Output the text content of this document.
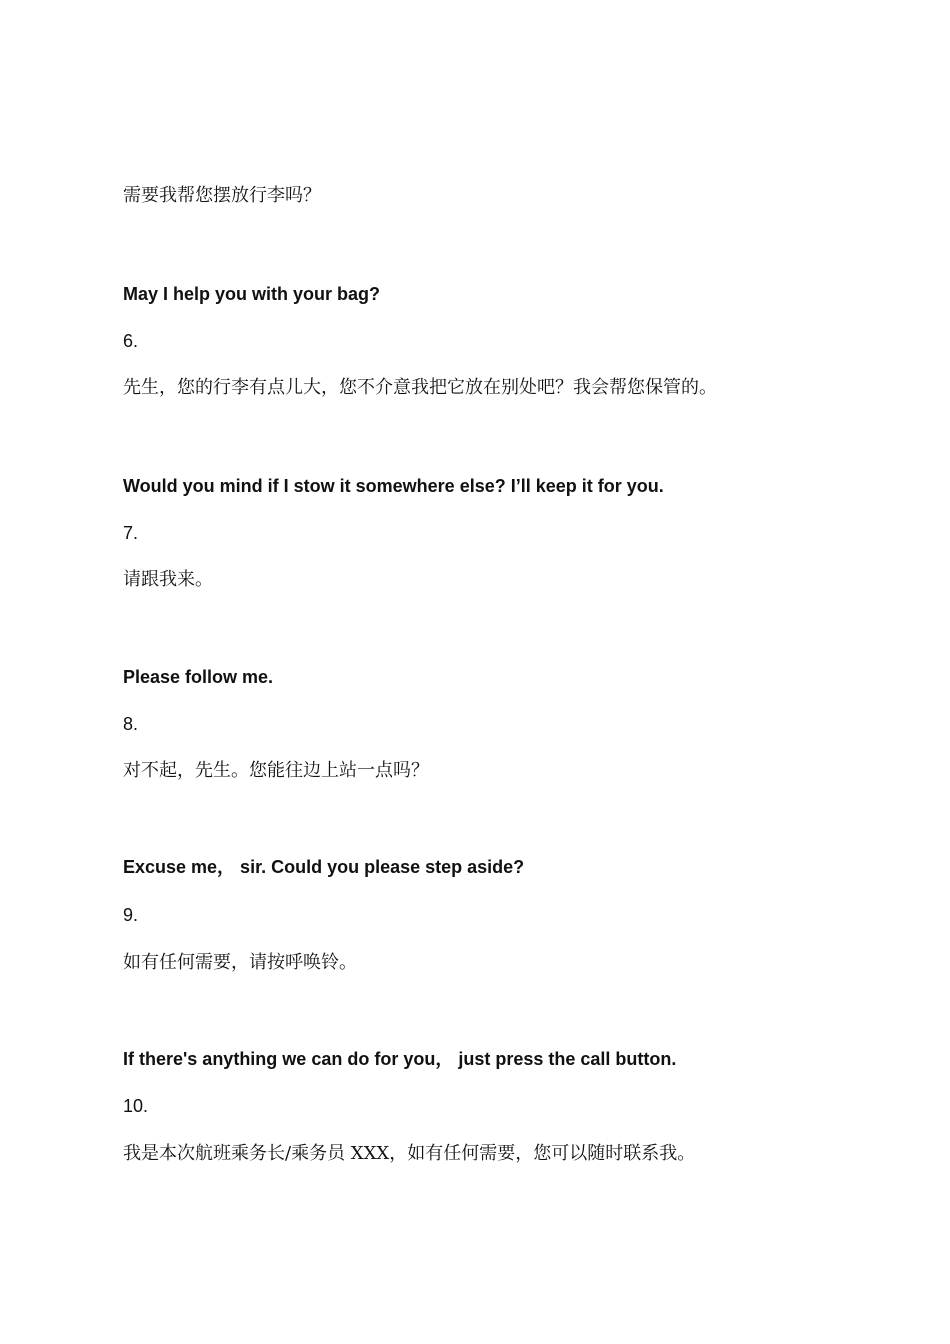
需要我帮您摆放行李吗？
May I help you with your bag?
6.
先生，您的行李有点儿大，您不介意我把它放在别处吧？我会帮您保管的。
Would you mind if I stow it somewhere else? I’ll keep it for you.
7.
请跟我来。
Please follow me.
8.
对不起，先生。您能往边上站一点吗？
Excuse me， sir. Could you please step aside?
9.
如有任何需要，请按呼唤铃。
If there's anything we can do for you， just press the call button.
10.
我是本次航班乘务长/乘务员 XXX，如有任何需要，您可以随时联系我。
